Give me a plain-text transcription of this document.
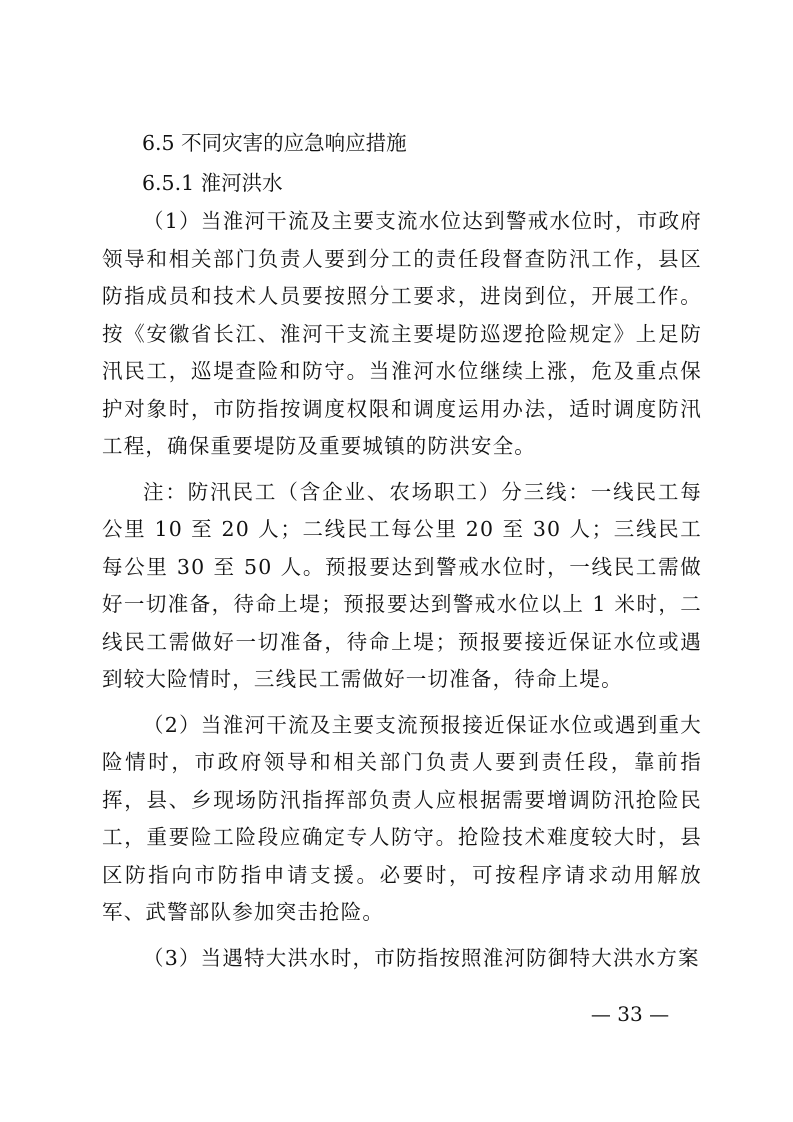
6.5 不同灾害的应急响应措施
6.5.1 淮河洪水

（1）当淮河干流及主要支流水位达到警戒水位时，市政府领导和相关部门负责人要到分工的责任段督查防汛工作，县区防指成员和技术人员要按照分工要求，进岗到位，开展工作。按《安徽省长江、淮河干支流主要堤防巡逻抢险规定》上足防汛民工，巡堤查险和防守。当淮河水位继续上涨，危及重点保护对象时，市防指按调度权限和调度运用办法，适时调度防汛工程，确保重要堤防及重要城镇的防洪安全。

注：防汛民工（含企业、农场职工）分三线：一线民工每公里 10 至 20 人；二线民工每公里 20 至 30 人；三线民工每公里 30 至 50 人。预报要达到警戒水位时，一线民工需做好一切准备，待命上堤；预报要达到警戒水位以上 1 米时，二线民工需做好一切准备，待命上堤；预报要接近保证水位或遇到较大险情时，三线民工需做好一切准备，待命上堤。

（2）当淮河干流及主要支流预报接近保证水位或遇到重大险情时，市政府领导和相关部门负责人要到责任段，靠前指挥，县、乡现场防汛指挥部负责人应根据需要增调防汛抢险民工，重要险工险段应确定专人防守。抢险技术难度较大时，县区防指向市防指申请支援。必要时，可按程序请求动用解放军、武警部队参加突击抢险。

（3）当遇特大洪水时，市防指按照淮河防御特大洪水方案

— 33 —
